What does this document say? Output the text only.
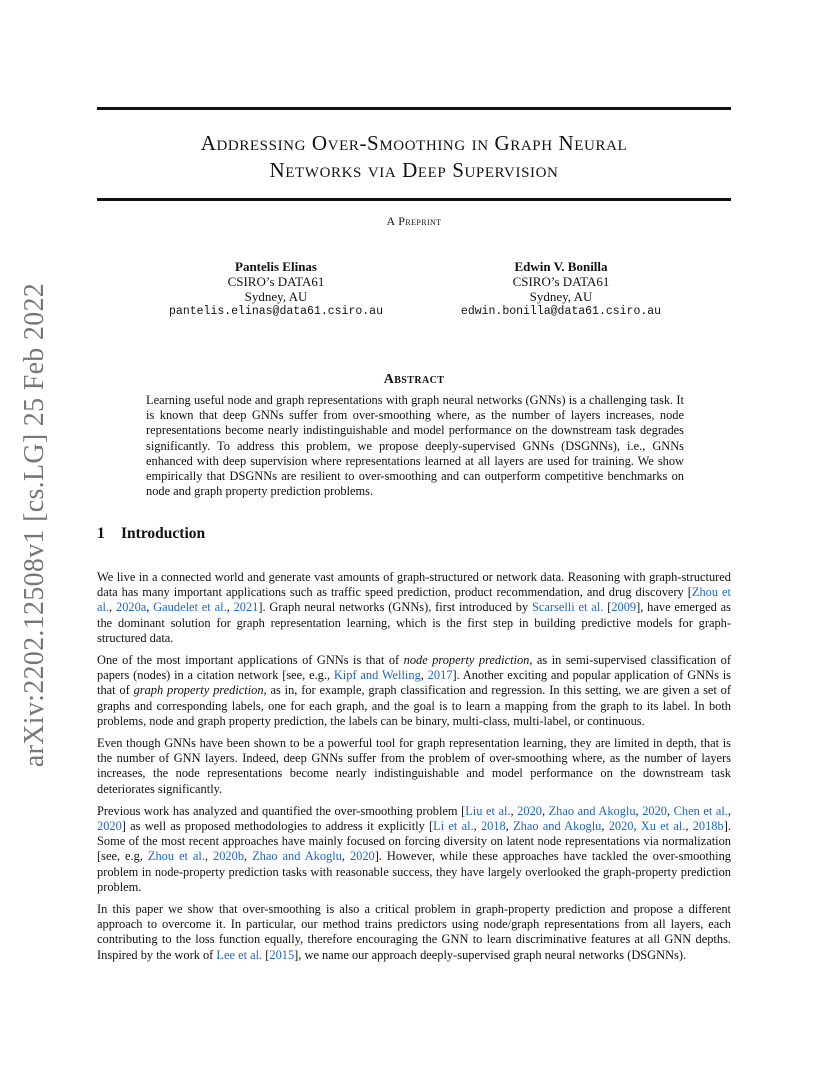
arXiv:2202.12508v1 [cs.LG] 25 Feb 2022
Addressing Over-Smoothing in Graph Neural
Networks via Deep Supervision
A Preprint
Pantelis Elinas
CSIRO’s DATA61
Sydney, AU
pantelis.elinas@data61.csiro.au
Edwin V. Bonilla
CSIRO’s DATA61
Sydney, AU
edwin.bonilla@data61.csiro.au
Abstract
Learning useful node and graph representations with graph neural networks (GNNs) is a challenging task. It is known that deep GNNs suffer from over-smoothing where, as the number of layers increases, node representations become nearly indistinguishable and model performance on the downstream task degrades significantly. To address this problem, we propose deeply-supervised GNNs (DSGNNs), i.e., GNNs enhanced with deep supervision where representations learned at all layers are used for training. We show empirically that DSGNNs are resilient to over-smoothing and can outperform competitive benchmarks on node and graph property prediction problems.
1 Introduction

We live in a connected world and generate vast amounts of graph-structured or network data. Reasoning with graph-structured data has many important applications such as traffic speed prediction, product recommendation, and drug discovery [Zhou et al., 2020a, Gaudelet et al., 2021]. Graph neural networks (GNNs), first introduced by Scarselli et al. [2009], have emerged as the dominant solution for graph representation learning, which is the first step in building predictive models for graph-structured data.

One of the most important applications of GNNs is that of node property prediction, as in semi-supervised classification of papers (nodes) in a citation network [see, e.g., Kipf and Welling, 2017]. Another exciting and popular application of GNNs is that of graph property prediction, as in, for example, graph classification and regression. In this setting, we are given a set of graphs and corresponding labels, one for each graph, and the goal is to learn a mapping from the graph to its label. In both problems, node and graph property prediction, the labels can be binary, multi-class, multi-label, or continuous.

Even though GNNs have been shown to be a powerful tool for graph representation learning, they are limited in depth, that is the number of GNN layers. Indeed, deep GNNs suffer from the problem of over-smoothing where, as the number of layers increases, the node representations become nearly indistinguishable and model performance on the downstream task deteriorates significantly.

Previous work has analyzed and quantified the over-smoothing problem [Liu et al., 2020, Zhao and Akoglu, 2020, Chen et al., 2020] as well as proposed methodologies to address it explicitly [Li et al., 2018, Zhao and Akoglu, 2020, Xu et al., 2018b]. Some of the most recent approaches have mainly focused on forcing diversity on latent node representations via normalization [see, e.g, Zhou et al., 2020b, Zhao and Akoglu, 2020]. However, while these approaches have tackled the over-smoothing problem in node-property prediction tasks with reasonable success, they have largely overlooked the graph-property prediction problem.

In this paper we show that over-smoothing is also a critical problem in graph-property prediction and propose a different approach to overcome it. In particular, our method trains predictors using node/graph representations from all layers, each contributing to the loss function equally, therefore encouraging the GNN to learn discriminative features at all GNN depths. Inspired by the work of Lee et al. [2015], we name our approach deeply-supervised graph neural networks (DSGNNs).
